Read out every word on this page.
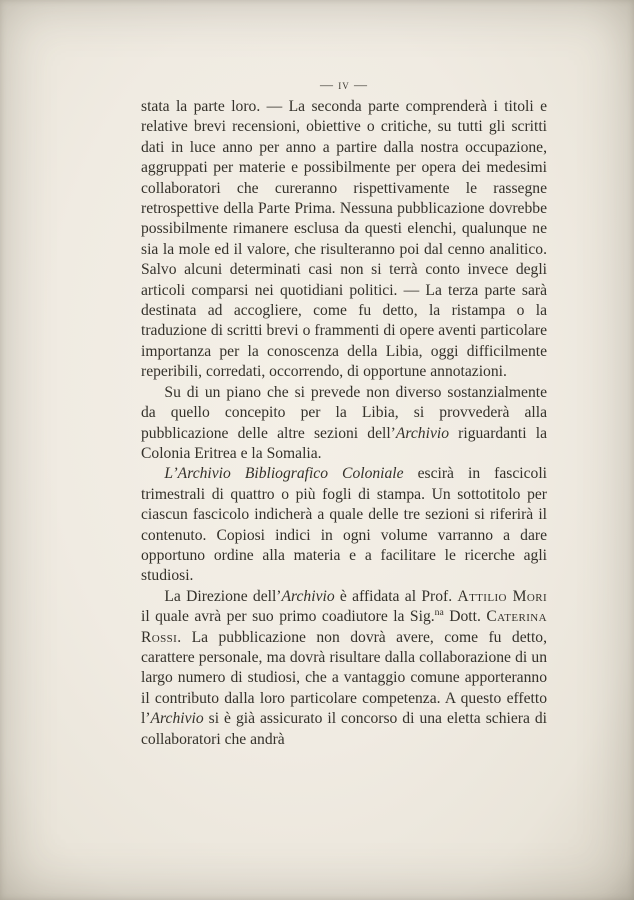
— iv —

stata la parte loro. — La seconda parte comprenderà i titoli e relative brevi recensioni, obiettive o critiche, su tutti gli scritti dati in luce anno per anno a partire dalla nostra occupazione, aggruppati per materie e possibilmente per opera dei medesimi collaboratori che cureranno rispettivamente le rassegne retrospettive della Parte Prima. Nessuna pubblicazione dovrebbe possibilmente rimanere esclusa da questi elenchi, qualunque ne sia la mole ed il valore, che risulteranno poi dal cenno analitico. Salvo alcuni determinati casi non si terrà conto invece degli articoli comparsi nei quotidiani politici. — La terza parte sarà destinata ad accogliere, come fu detto, la ristampa o la traduzione di scritti brevi o frammenti di opere aventi particolare importanza per la conoscenza della Libia, oggi difficilmente reperibili, corredati, occorrendo, di opportune annotazioni.

Su di un piano che si prevede non diverso sostanzialmente da quello concepito per la Libia, si provvederà alla pubblicazione delle altre sezioni dell’Archivio riguardanti la Colonia Eritrea e la Somalia.

L’Archivio Bibliografico Coloniale escirà in fascicoli trimestrali di quattro o più fogli di stampa. Un sottotitolo per ciascun fascicolo indicherà a quale delle tre sezioni si riferirà il contenuto. Copiosi indici in ogni volume varranno a dare opportuno ordine alla materia e a facilitare le ricerche agli studiosi.

La Direzione dell’Archivio è affidata al Prof. Attilio Mori il quale avrà per suo primo coadiutore la Sig.$^{na}$ Dott. Caterina Rossi. La pubblicazione non dovrà avere, come fu detto, carattere personale, ma dovrà risultare dalla collaborazione di un largo numero di studiosi, che a vantaggio comune apporteranno il contributo dalla loro particolare competenza. A questo effetto l’Archivio si è già assicurato il concorso di una eletta schiera di collaboratori che andrà
